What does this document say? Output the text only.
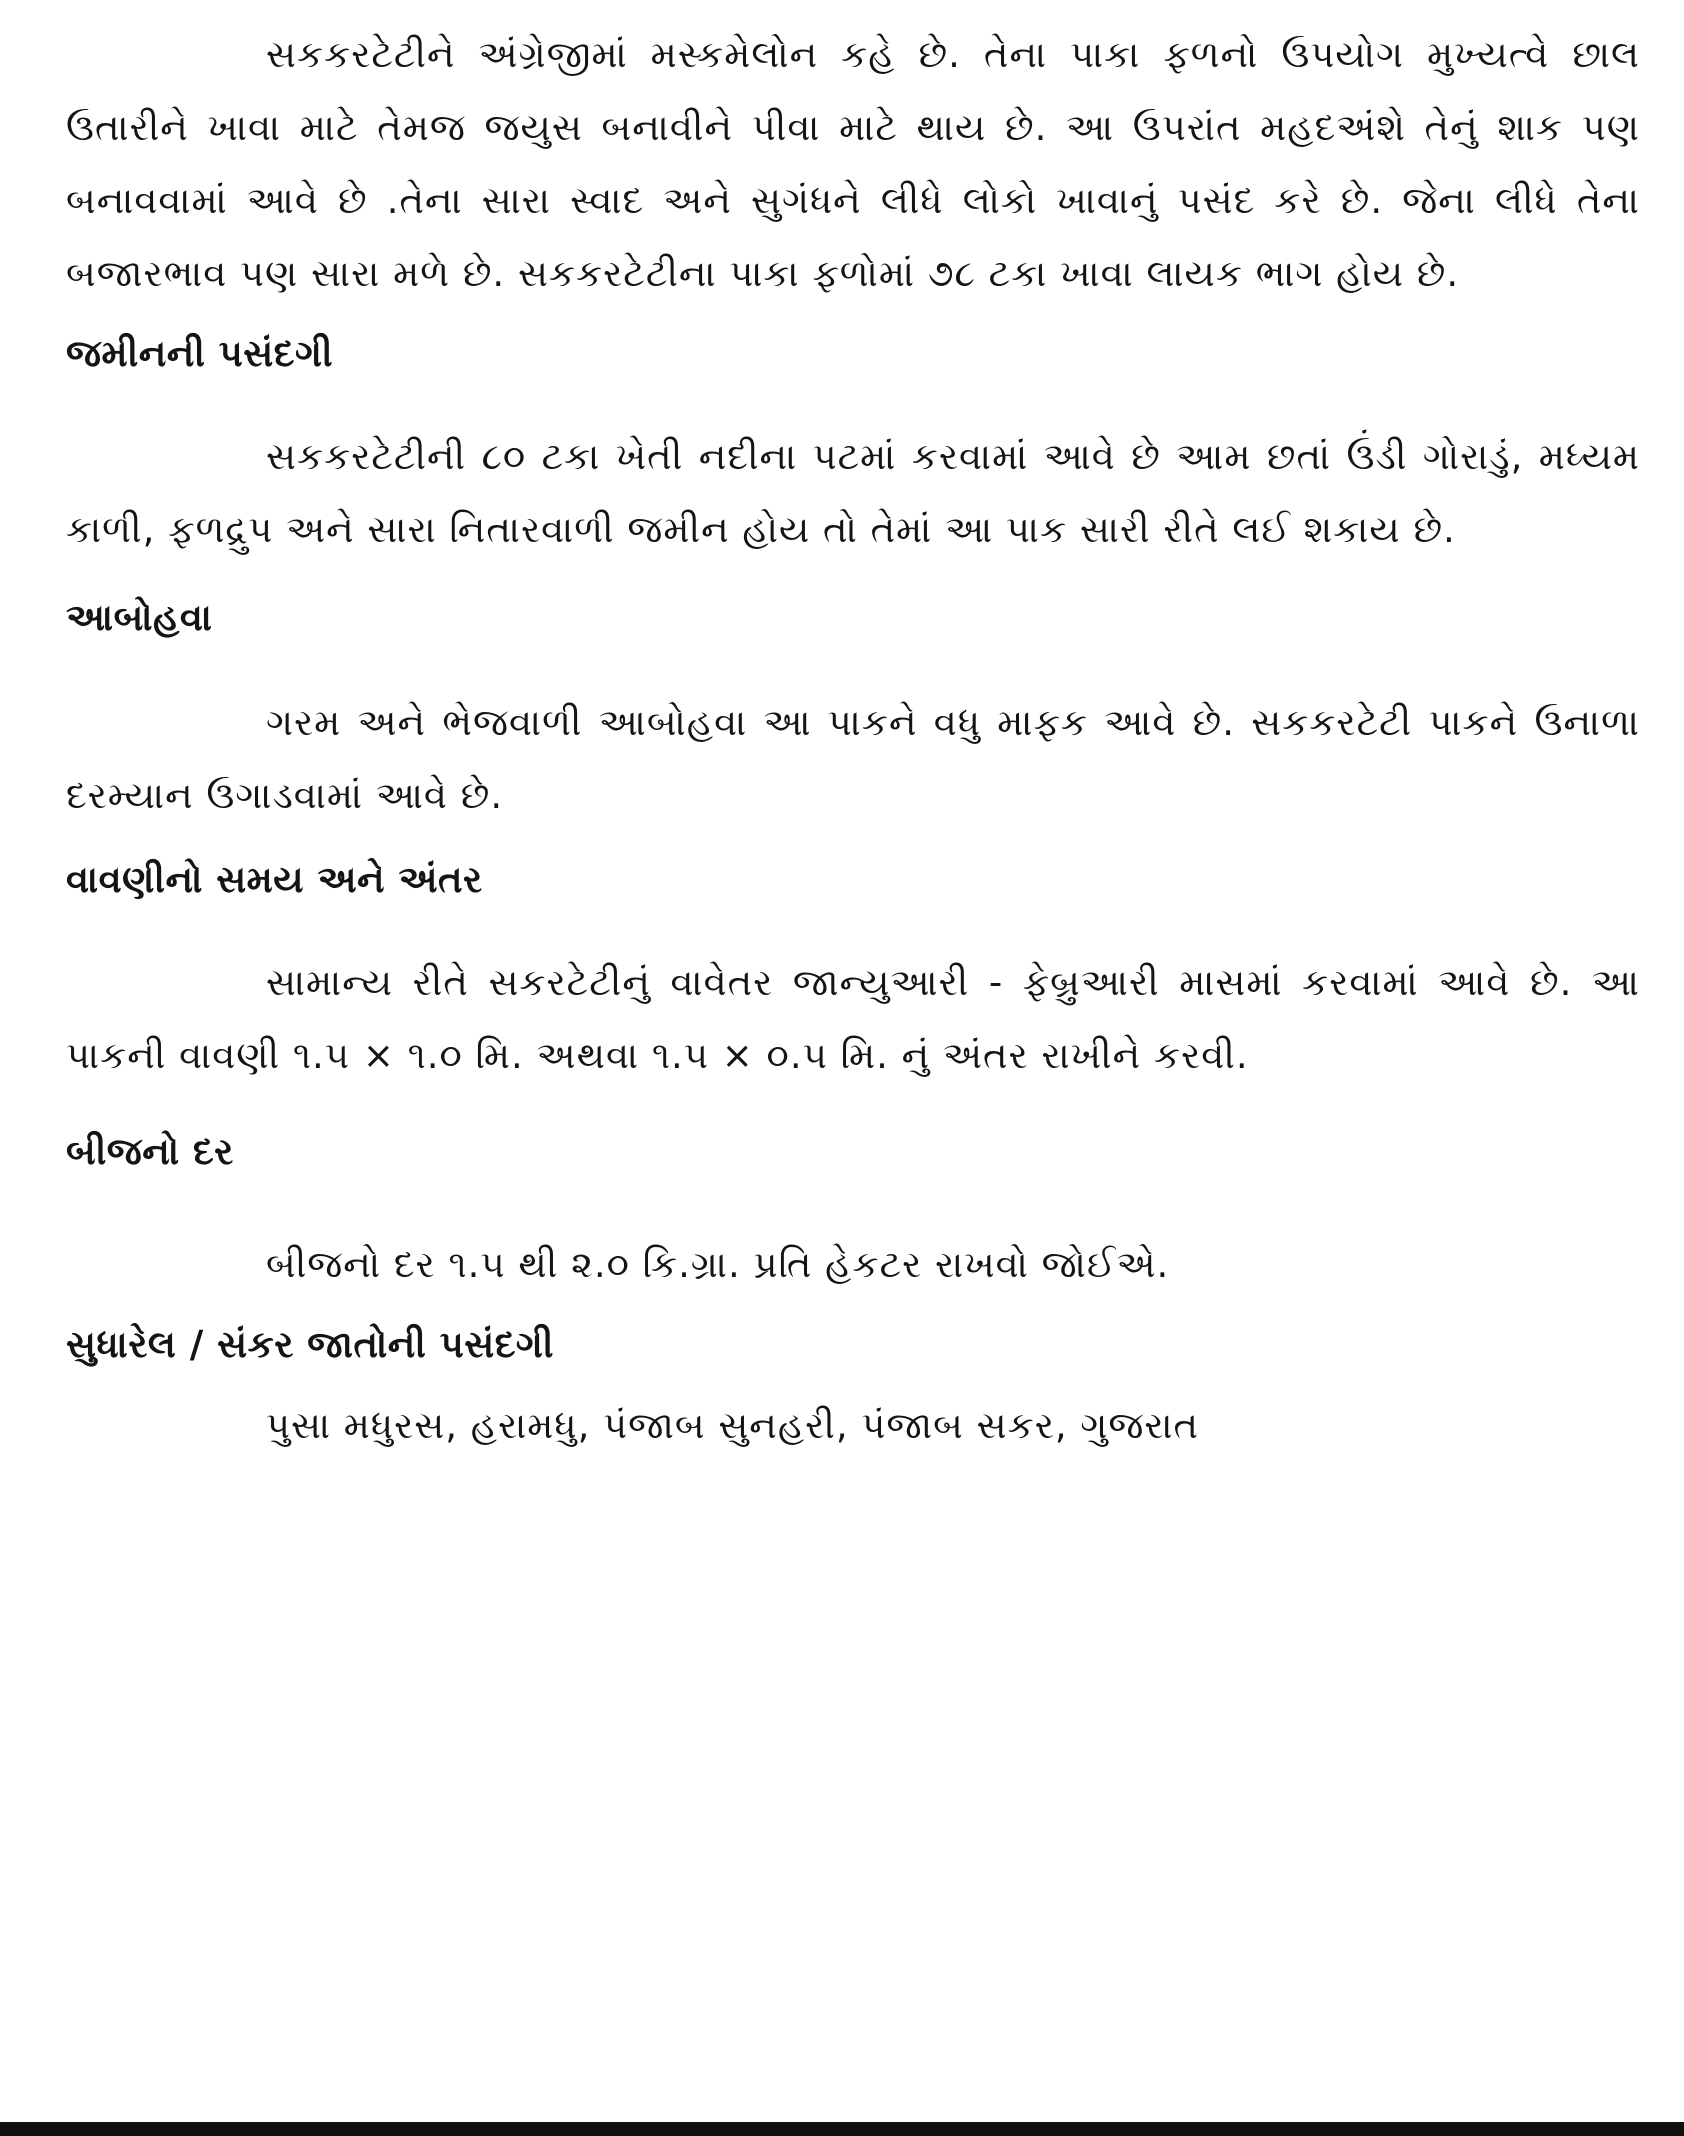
સકકરટેટીને અંગ્રેજીમાં મસ્કમેલોન કહે છે. તેના પાકા ફળનો ઉપયોગ મુખ્યત્વે છાલ ઉતારીને ખાવા માટે તેમજ જયુસ બનાવીને પીવા માટે થાય છે. આ ઉપરાંત મહદઅંશે તેનું શાક પણ બનાવવામાં આવે છે .તેના સારા સ્વાદ અને સુગંધને લીધે લોકો ખાવાનું પસંદ કરે છે. જેના લીધે તેના બજારભાવ પણ સારા મળે છે. સકકરટેટીના પાકા ફળોમાં ૭૮ ટકા ખાવા લાયક ભાગ હોય છે.

જમીનની પસંદગી

સકકરટેટીની ૮૦ ટકા ખેતી નદીના પટમાં કરવામાં આવે છે આમ છતાં ઉંડી ગોરાડું, મધ્યમ કાળી, ફળદ્રુપ અને સારા નિતારવાળી જમીન હોય તો તેમાં આ પાક સારી રીતે લઈ શકાય છે.

આબોહવા

ગરમ અને ભેજવાળી આબોહવા આ પાકને વધુ માફક આવે છે. સકકરટેટી પાકને ઉનાળા દરમ્યાન ઉગાડવામાં આવે છે.

વાવણીનો સમય અને અંતર

સામાન્ય રીતે સકરટેટીનું વાવેતર જાન્યુઆરી - ફેબ્રુઆરી માસમાં કરવામાં આવે છે. આ પાકની વાવણી ૧.૫ × ૧.૦ મિ. અથવા ૧.૫ × ૦.૫ મિ. નું અંતર રાખીને કરવી.

બીજનો દર

બીજનો દર ૧.૫ થી ૨.૦ કિ.ગ્રા. પ્રતિ હેકટર રાખવો જોઈએ.

સુધારેલ / સંકર જાતોની પસંદગી

પુસા મધુરસ, હરામધુ, પંજાબ સુનહરી, પંજાબ સકર, ગુજરાત
